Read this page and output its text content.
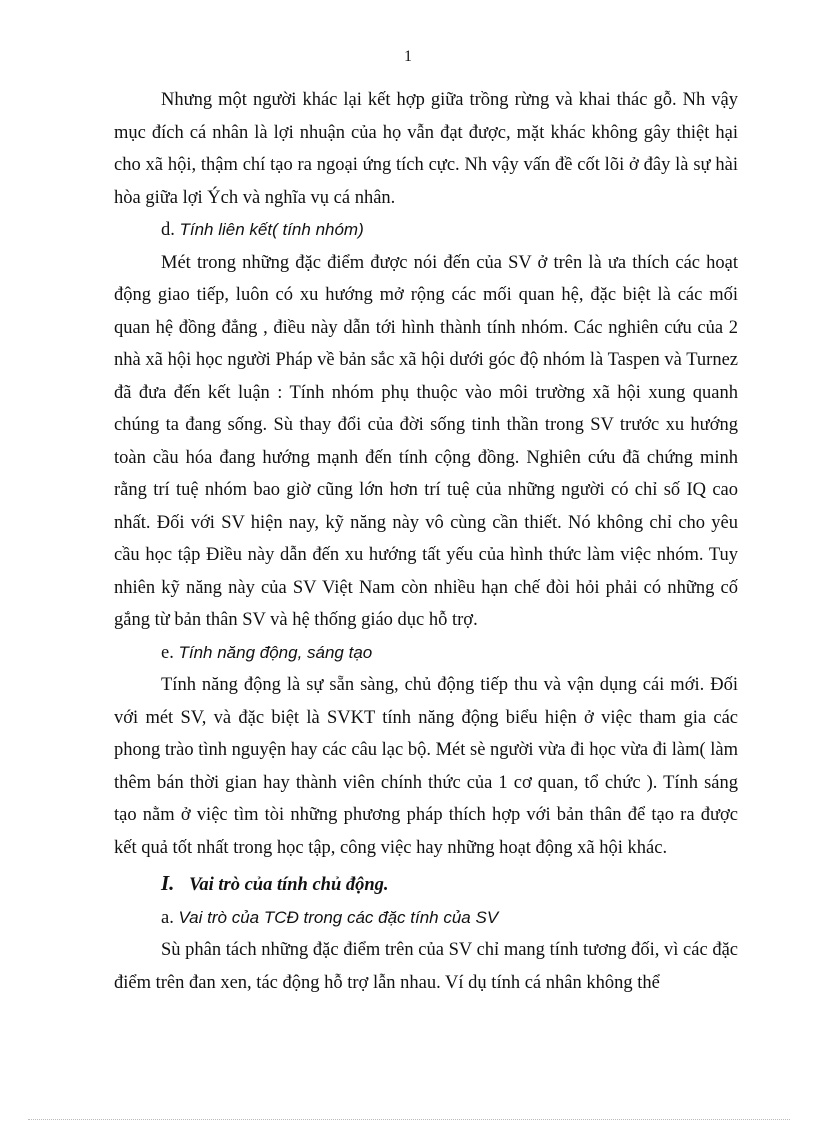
1

Nhưng một người khác lại kết hợp giữa trồng rừng và khai thác gỗ. Nh vậy mục đích cá nhân là lợi nhuận của họ vẫn đạt được, mặt khác không gây thiệt hại cho xã hội, thậm chí tạo ra ngoại ứng tích cực. Nh vậy vấn đề cốt lõi ở đây là sự hài hòa giữa lợi Ých và nghĩa vụ cá nhân.

d. Tính liên kết( tính nhóm)

Mét trong những đặc điểm được nói đến của SV ở trên là ưa thích các hoạt động giao tiếp, luôn có xu hướng mở rộng các mối quan hệ, đặc biệt là các mối quan hệ đồng đẳng , điều này dẫn tới hình thành tính nhóm. Các nghiên cứu của 2 nhà xã hội học người Pháp về bản sắc xã hội dưới góc độ nhóm là Taspen và Turnez đã đưa đến kết luận : Tính nhóm phụ thuộc vào môi trường xã hội xung quanh chúng ta đang sống. Sù thay đổi của đời sống tinh thần trong SV trước xu hướng toàn cầu hóa đang hướng mạnh đến tính cộng đồng. Nghiên cứu đã chứng minh rằng trí tuệ nhóm bao giờ cũng lớn hơn trí tuệ của những người có chỉ số IQ cao nhất. Đối với SV hiện nay, kỹ năng này vô cùng cần thiết. Nó không chỉ cho yêu cầu học tập Điều này dẫn đến xu hướng tất yếu của hình thức làm việc nhóm. Tuy nhiên kỹ năng này của SV Việt Nam còn nhiều hạn chế đòi hỏi phải có những cố gắng từ bản thân SV và hệ thống giáo dục hỗ trợ.

e. Tính năng động, sáng tạo

Tính năng động là sự sẵn sàng, chủ động tiếp thu và vận dụng cái mới. Đối với mét SV, và đặc biệt là SVKT tính năng động biểu hiện ở việc tham gia các phong trào tình nguyện hay các câu lạc bộ. Mét sè người vừa đi học vừa đi làm( làm thêm bán thời gian hay thành viên chính thức của 1 cơ quan, tổ chức ). Tính sáng tạo nằm ở việc tìm tòi những phương pháp thích hợp với bản thân để tạo ra được kết quả tốt nhất trong học tập, công việc hay những hoạt động xã hội khác.

I. Vai trò của tính chủ động.

a. Vai trò của TCĐ trong các đặc tính của SV

Sù phân tách những đặc điểm trên của SV chỉ mang tính tương đối, vì các đặc điểm trên đan xen, tác động hỗ trợ lẫn nhau. Ví dụ tính cá nhân không thể
